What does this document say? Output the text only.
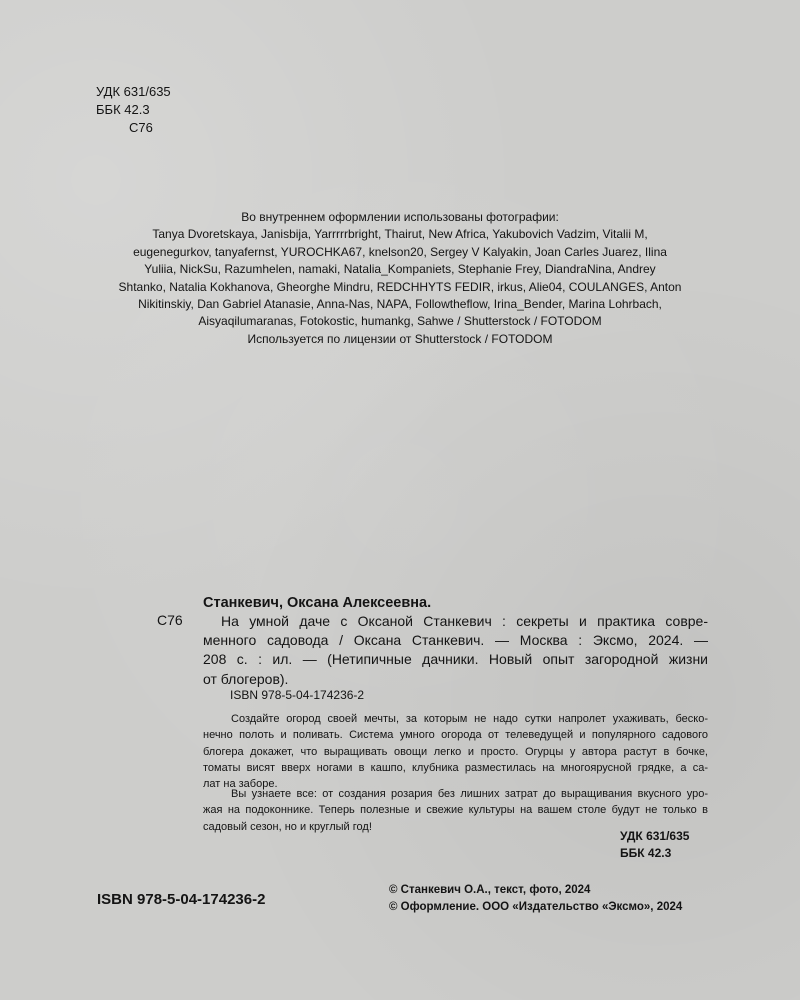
УДК 631/635
ББК 42.3
С76
Во внутреннем оформлении использованы фотографии:
Tanya Dvoretskaya, Janisbija, Yarrrrrbright, Thairut, New Africa, Yakubovich Vadzim, Vitalii M,
eugenegurkov, tanyafernst, YUROCHKA67, knelson20, Sergey V Kalyakin, Joan Carles Juarez, Ilina
Yuliia, NickSu, Razumhelen, namaki, Natalia_Kompaniets, Stephanie Frey, DiandraNina, Andrey
Shtanko, Natalia Kokhanova, Gheorghe Mindru, REDCHHYTS FEDIR, irkus, Alie04, COULANGES, Anton
Nikitinskiy, Dan Gabriel Atanasie, Anna-Nas, NAPA, Followtheflow, Irina_Bender, Marina Lohrbach,
Aisyaqilumaranas, Fotokostic, humankg, Sahwe / Shutterstock / FOTODOM
Используется по лицензии от Shutterstock / FOTODOM
Станкевич, Оксана Алексеевна.
С76	На умной даче с Оксаной Станкевич : секреты и практика совре-
менного садовода / Оксана Станкевич. — Москва : Эксмо, 2024. —
208 с. : ил. — (Нетипичные дачники. Новый опыт загородной жизни
от блогеров).
ISBN 978-5-04-174236-2
Создайте огород своей мечты, за которым не надо сутки напролет ухаживать, беско-
нечно полоть и поливать. Система умного огорода от телеведущей и популярного садового
блогера докажет, что выращивать овощи легко и просто. Огурцы у автора растут в бочке,
томаты висят вверх ногами в кашпо, клубника разместилась на многоярусной грядке, а са-
лат на заборе.
Вы узнаете все: от создания розария без лишних затрат до выращивания вкусного уро-
жая на подоконнике. Теперь полезные и свежие культуры на вашем столе будут не только в
садовый сезон, но и круглый год!
УДК 631/635
ББК 42.3
ISBN 978-5-04-174236-2
© Станкевич О.А., текст, фото, 2024
© Оформление. ООО «Издательство «Эксмо», 2024
